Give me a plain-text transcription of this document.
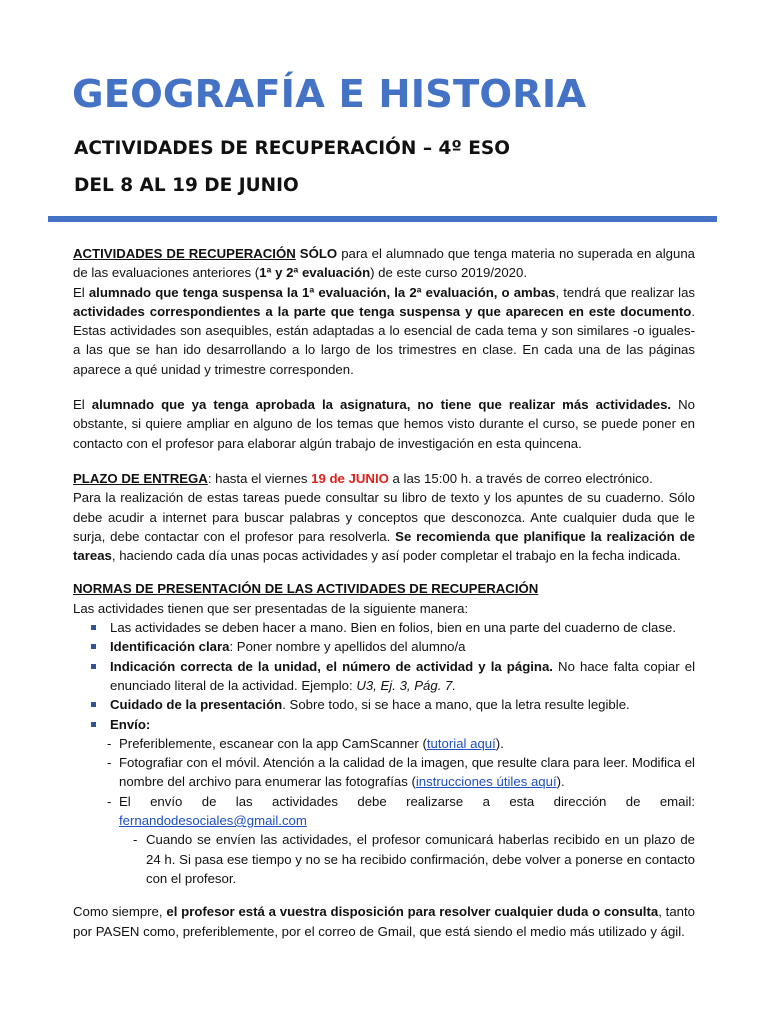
GEOGRAFÍA E HISTORIA
ACTIVIDADES DE RECUPERACIÓN – 4º ESO
DEL 8 AL 19 DE JUNIO

ACTIVIDADES DE RECUPERACIÓN SÓLO para el alumnado que tenga materia no superada en alguna de las evaluaciones anteriores (1ª y 2ª evaluación) de este curso 2019/2020.

El alumnado que tenga suspensa la 1ª evaluación, la 2ª evaluación, o ambas, tendrá que realizar las actividades correspondientes a la parte que tenga suspensa y que aparecen en este documento. Estas actividades son asequibles, están adaptadas a lo esencial de cada tema y son similares -o iguales- a las que se han ido desarrollando a lo largo de los trimestres en clase. En cada una de las páginas aparece a qué unidad y trimestre corresponden.

El alumnado que ya tenga aprobada la asignatura, no tiene que realizar más actividades. No obstante, si quiere ampliar en alguno de los temas que hemos visto durante el curso, se puede poner en contacto con el profesor para elaborar algún trabajo de investigación en esta quincena.

PLAZO DE ENTREGA: hasta el viernes 19 de JUNIO a las 15:00 h. a través de correo electrónico.

Para la realización de estas tareas puede consultar su libro de texto y los apuntes de su cuaderno. Sólo debe acudir a internet para buscar palabras y conceptos que desconozca. Ante cualquier duda que le surja, debe contactar con el profesor para resolverla. Se recomienda que planifique la realización de tareas, haciendo cada día unas pocas actividades y así poder completar el trabajo en la fecha indicada.

NORMAS DE PRESENTACIÓN DE LAS ACTIVIDADES DE RECUPERACIÓN

Las actividades tienen que ser presentadas de la siguiente manera:

Las actividades se deben hacer a mano. Bien en folios, bien en una parte del cuaderno de clase.
Identificación clara: Poner nombre y apellidos del alumno/a
Indicación correcta de la unidad, el número de actividad y la página. No hace falta copiar el enunciado literal de la actividad. Ejemplo: U3, Ej. 3, Pág. 7.
Cuidado de la presentación. Sobre todo, si se hace a mano, que la letra resulte legible.
Envío:
- Preferiblemente, escanear con la app CamScanner (tutorial aquí).
- Fotografiar con el móvil. Atención a la calidad de la imagen, que resulte clara para leer. Modifica el nombre del archivo para enumerar las fotografías (instrucciones útiles aquí).
- El envío de las actividades debe realizarse a esta dirección de email: fernandodesociales@gmail.com
- Cuando se envíen las actividades, el profesor comunicará haberlas recibido en un plazo de 24 h. Si pasa ese tiempo y no se ha recibido confirmación, debe volver a ponerse en contacto con el profesor.

Como siempre, el profesor está a vuestra disposición para resolver cualquier duda o consulta, tanto por PASEN como, preferiblemente, por el correo de Gmail, que está siendo el medio más utilizado y ágil.
